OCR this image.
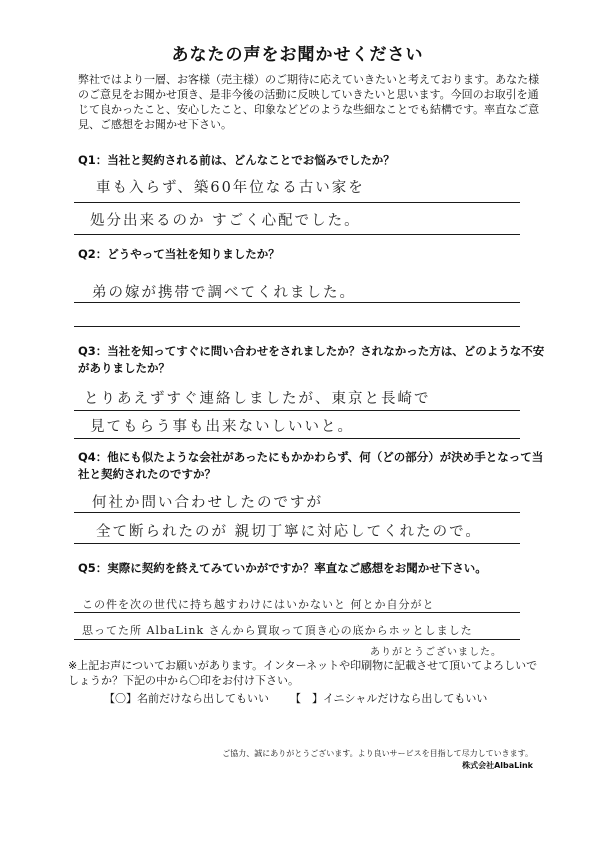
あなたの声をお聞かせください
弊社ではより一層、お客様（売主様）のご期待に応えていきたいと考えております。あなた様のご意見をお聞かせ頂き、是非今後の活動に反映していきたいと思います。今回のお取引を通じて良かったこと、安心したこと、印象などどのような些細なことでも結構です。率直なご意見、ご感想をお聞かせ下さい。
Q1：当社と契約される前は、どんなことでお悩みでしたか？
車も入らず、築60年位なる古い家を
処分出来るのか すごく心配でした。
Q2：どうやって当社を知りましたか？
弟の嫁が携帯で調べてくれました。
Q3：当社を知ってすぐに問い合わせをされましたか？されなかった方は、どのような不安がありましたか？
とりあえずすぐ連絡しましたが、東京と長崎で
見てもらう事も出来ないしいいと。
Q4：他にも似たような会社があったにもかかわらず、何（どの部分）が決め手となって当社と契約されたのですか？
何社か問い合わせしたのですが
全て断られたのが 親切丁寧に対応してくれたので。
Q5：実際に契約を終えてみていかがですか？率直なご感想をお聞かせ下さい。
この件を次の世代に持ち越すわけにはいかないと 何とか自分がと
思ってた所 AlbaLink さんから買取って頂き心の底からホッとしました
ありがとうございました。
※上記お声についてお願いがあります。インターネットや印刷物に記載させて頂いてよろしいでしょうか？下記の中から〇印をお付け下さい。
【〇】名前だけなら出してもいい 【　】イニシャルだけなら出してもいい
ご協力、誠にありがとうございます。より良いサービスを目指して尽力していきます。
株式会社AlbaLink
